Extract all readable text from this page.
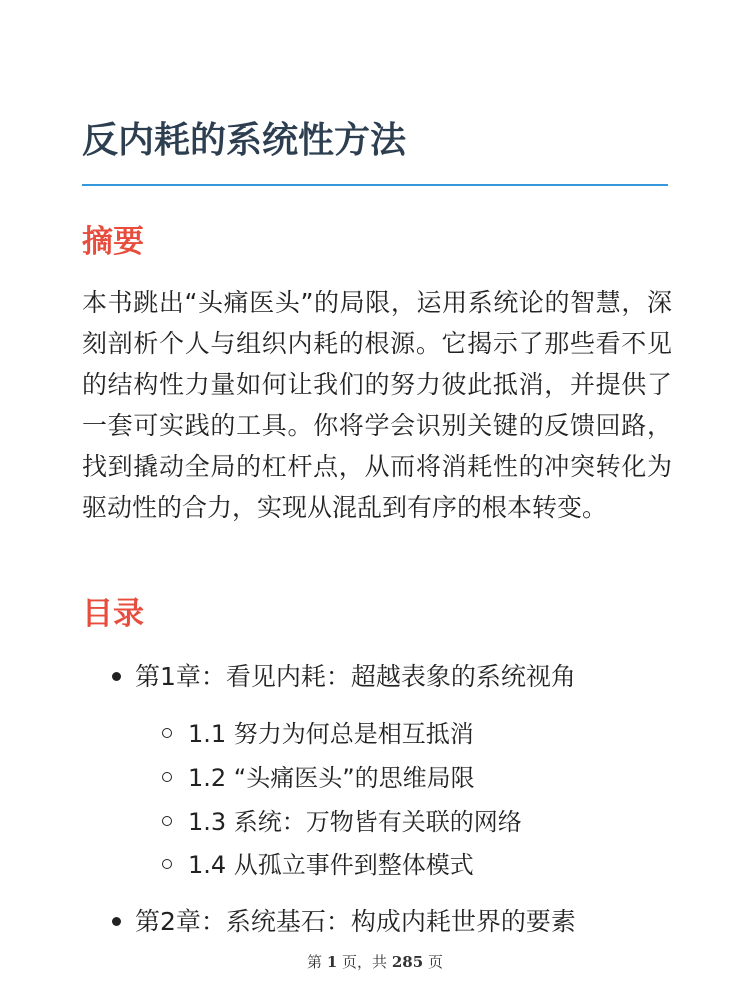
反内耗的系统性方法
摘要

本书跳出“头痛医头”的局限，运用系统论的智慧，深刻剖析个人与组织内耗的根源。它揭示了那些看不见的结构性力量如何让我们的努力彼此抵消，并提供了一套可实践的工具。你将学会识别关键的反馈回路，找到撬动全局的杠杆点，从而将消耗性的冲突转化为驱动性的合力，实现从混乱到有序的根本转变。

目录
第1章：看见内耗：超越表象的系统视角
1.1 努力为何总是相互抵消
1.2 “头痛医头”的思维局限
1.3 系统：万物皆有关联的网络
1.4 从孤立事件到整体模式
第2章：系统基石：构成内耗世界的要素
第 1 页，共 285 页
